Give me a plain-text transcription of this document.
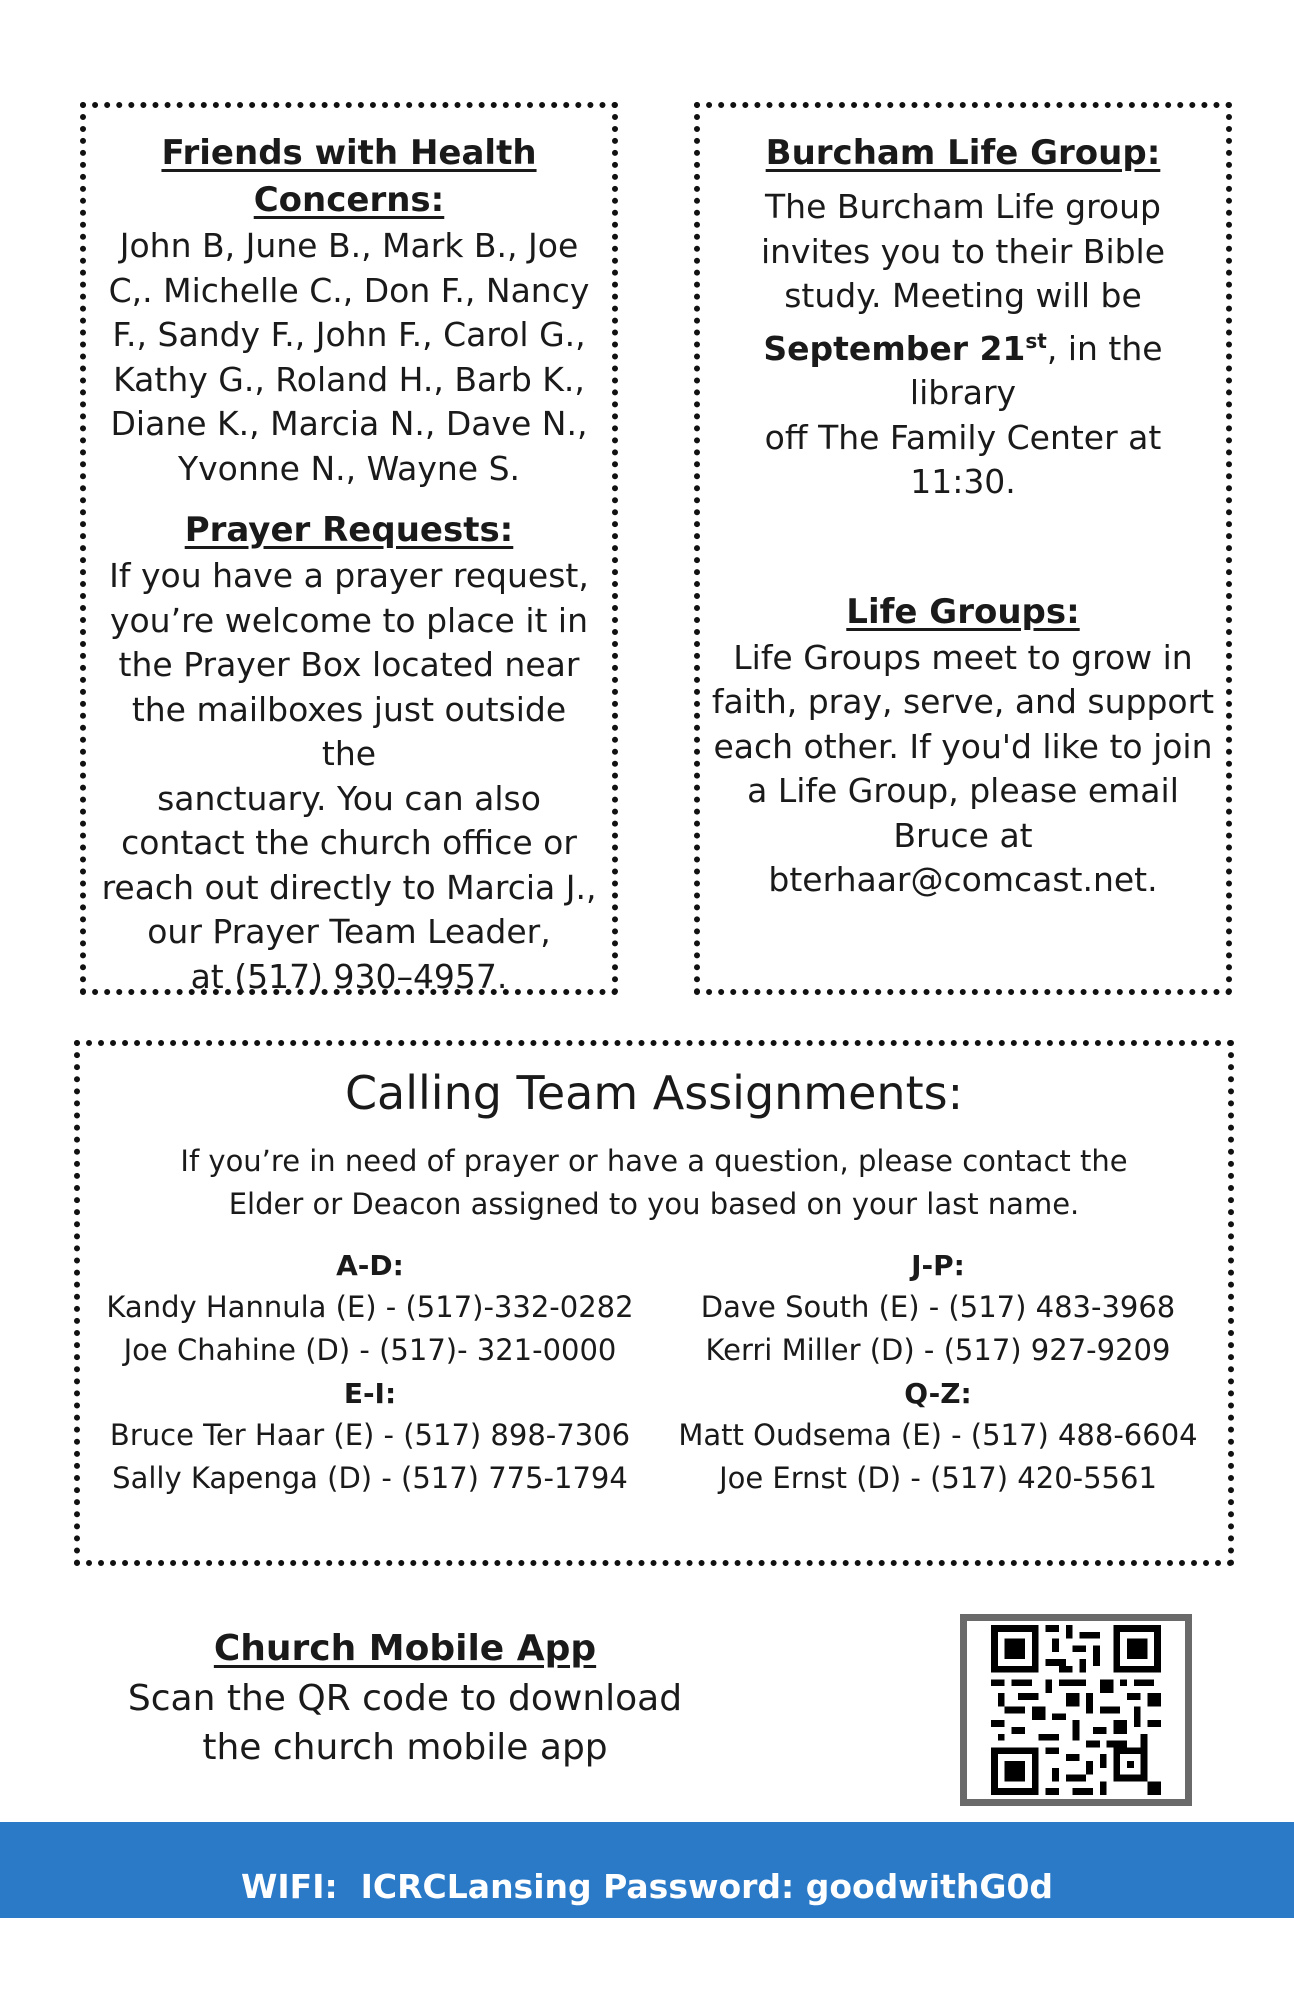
Friends with Health
Concerns:
John B, June B., Mark B., Joe
C,. Michelle C., Don F., Nancy
F., Sandy F., John F., Carol G.,
Kathy G., Roland H., Barb K.,
Diane K., Marcia N., Dave N.,
Yvonne N., Wayne S.
Prayer Requests:
If you have a prayer request,
you’re welcome to place it in
the Prayer Box located near
the mailboxes just outside the
sanctuary. You can also
contact the church office or
reach out directly to Marcia J.,
our Prayer Team Leader,
at (517) 930–4957.
Burcham Life Group:
The Burcham Life group
invites you to their Bible
study. Meeting will be
September 21st, in the library
off The Family Center at 11:30.
Life Groups:
Life Groups meet to grow in
faith, pray, serve, and support
each other. If you'd like to join
a Life Group, please email
Bruce at
bterhaar@comcast.net.
Calling Team Assignments:
If you’re in need of prayer or have a question, please contact the
Elder or Deacon assigned to you based on your last name.
A-D:
Kandy Hannula (E) - (517)-332-0282
Joe Chahine (D) - (517)- 321-0000
E-I:
Bruce Ter Haar (E) - (517) 898-7306
Sally Kapenga (D) - (517) 775-1794
J-P:
Dave South (E) - (517) 483-3968
Kerri Miller (D) - (517) 927-9209
Q-Z:
Matt Oudsema (E) - (517) 488-6604
Joe Ernst (D) - (517) 420-5561
Church Mobile App
Scan the QR code to download
the church mobile app
WIFI:  ICRCLansing Password: goodwithG0d
